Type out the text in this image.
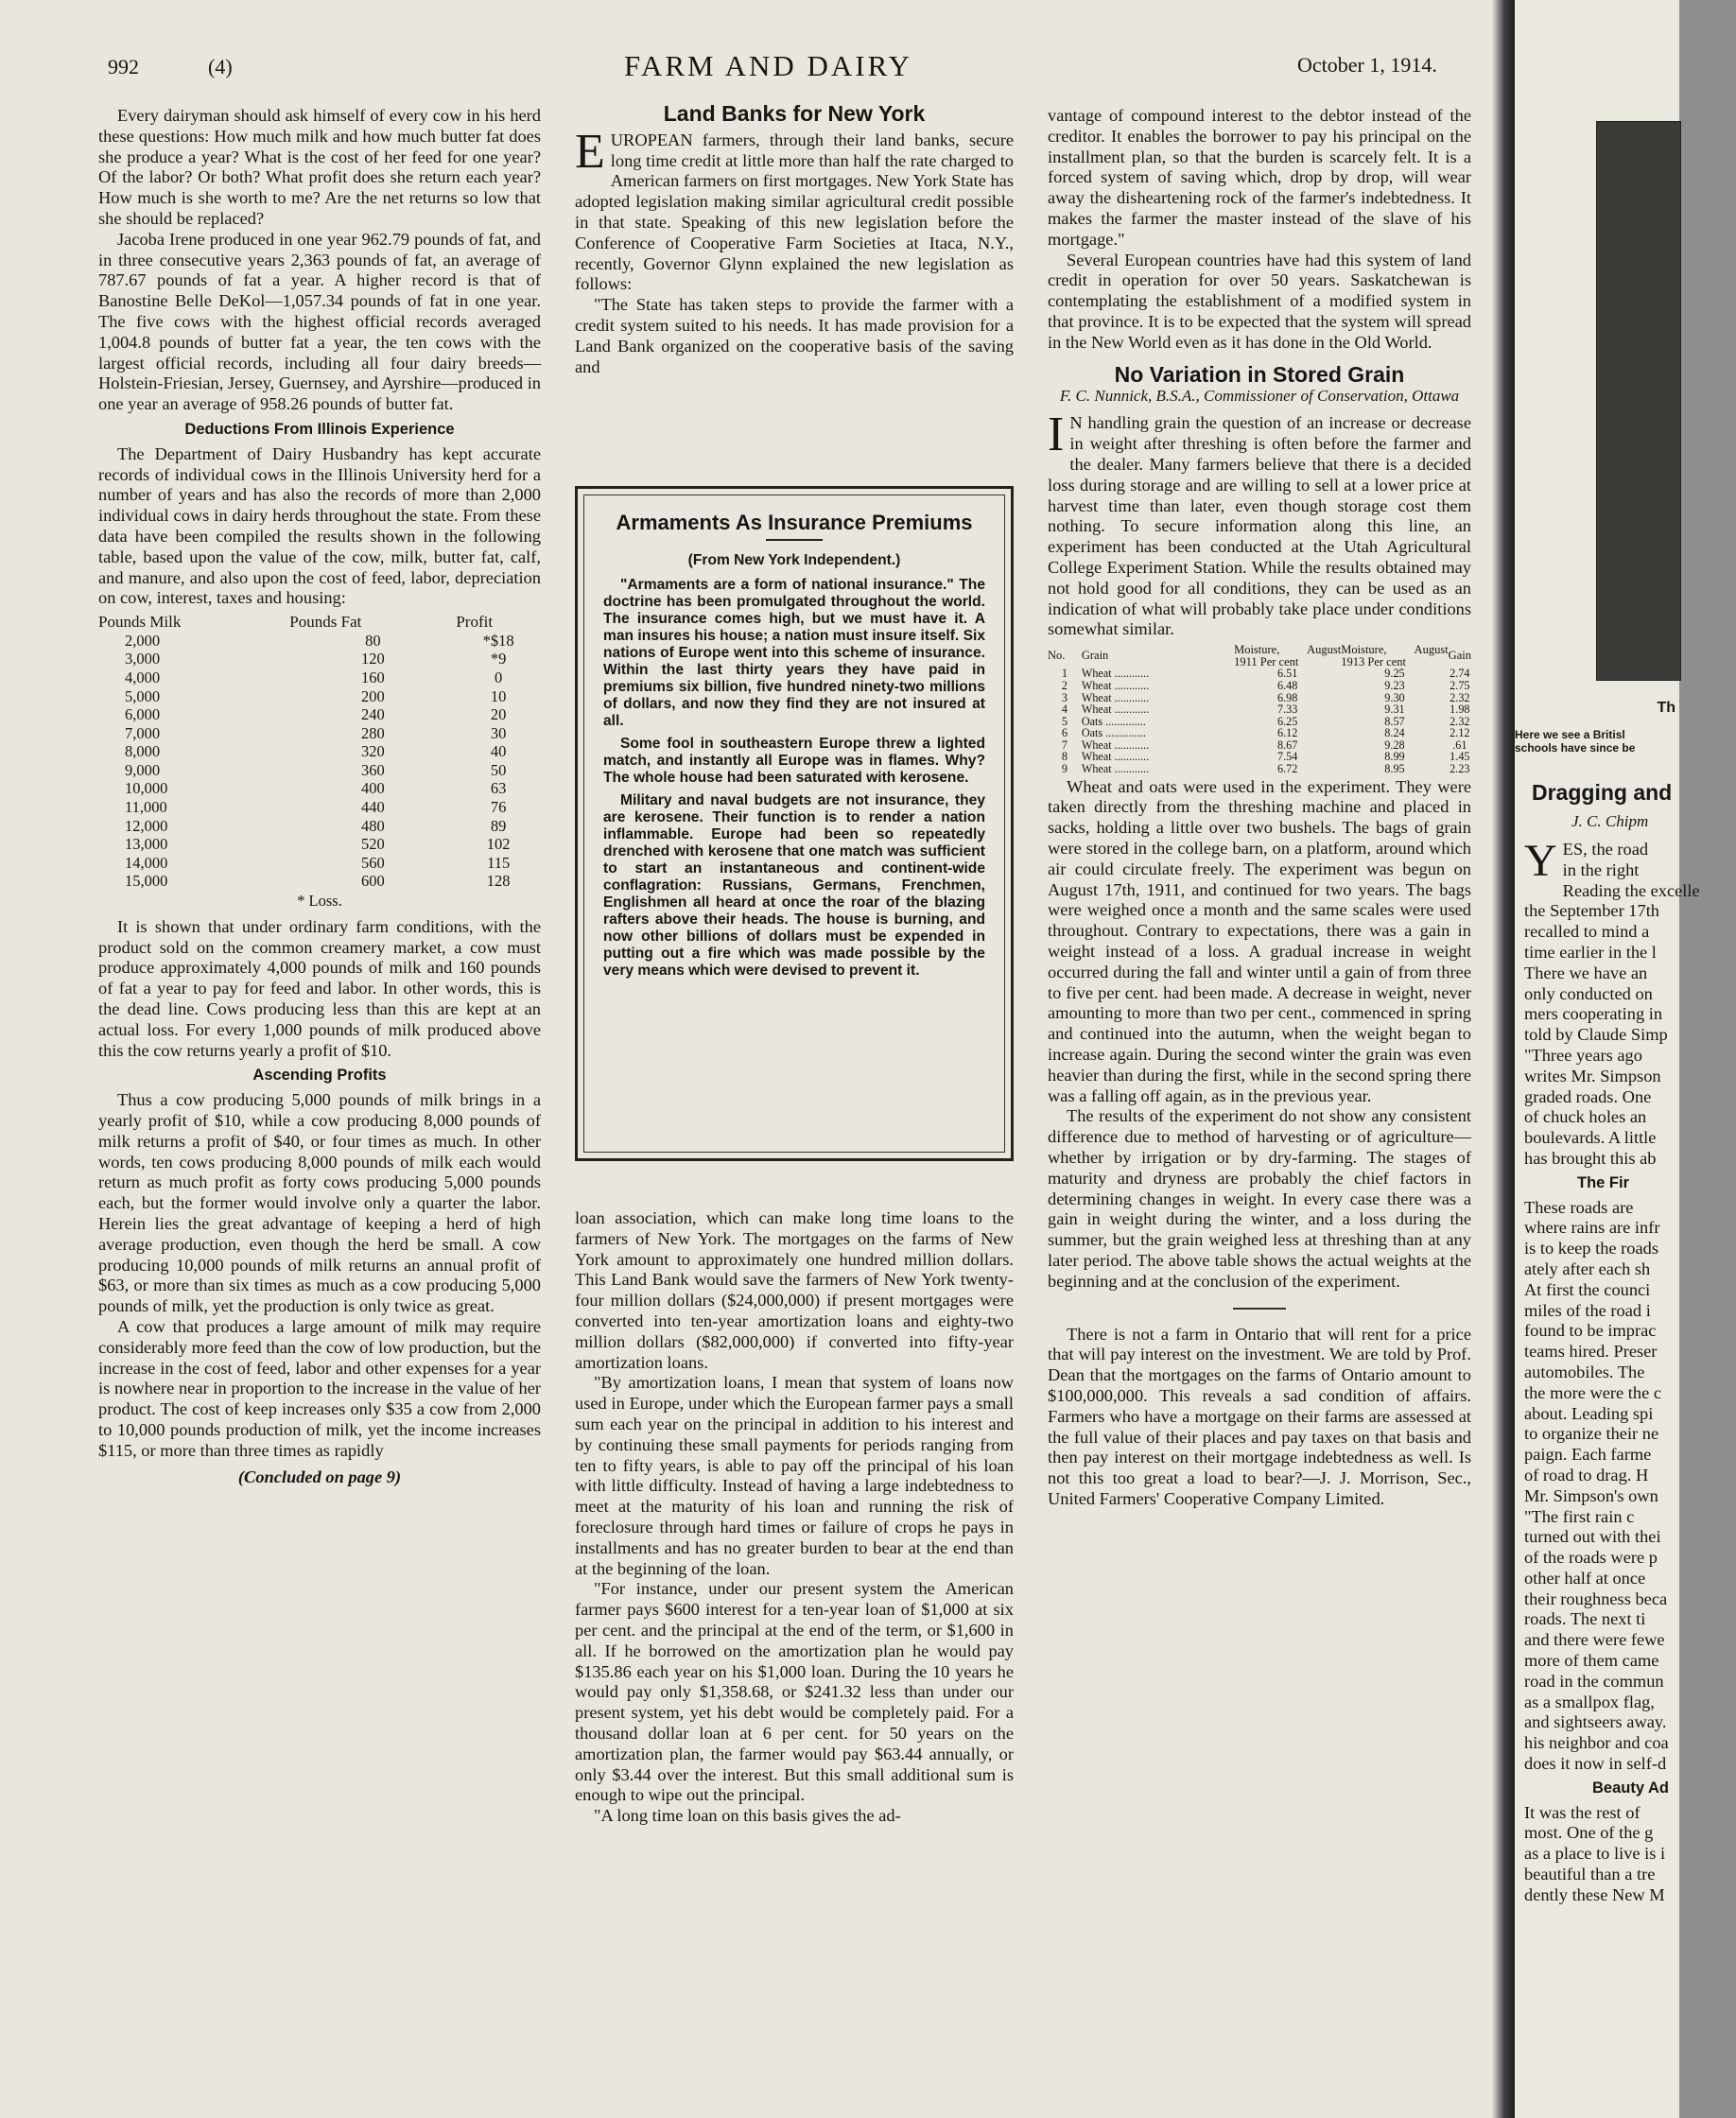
992	(4)	FARM AND DAIRY	October 1, 1914.

Every dairyman should ask himself of every cow in his herd these questions: How much milk and how much butter fat does she produce a year? What is the cost of her feed for one year? Of the labor? Or both? What profit does she return each year? How much is she worth to me? Are the net returns so low that she should be replaced?

Jacoba Irene produced in one year 962.79 pounds of fat, and in three consecutive years 2,363 pounds of fat, an average of 787.67 pounds of fat a year. A higher record is that of Banostine Belle DeKol—1,057.34 pounds of fat in one year. The five cows with the highest official records averaged 1,004.8 pounds of butter fat a year, the ten cows with the largest official records, including all four dairy breeds—Holstein-Friesian, Jersey, Guernsey, and Ayrshire—produced in one year an average of 958.26 pounds of butter fat.

Deductions From Illinois Experience

The Department of Dairy Husbandry has kept accurate records of individual cows in the Illinois University herd for a number of years and has also the records of more than 2,000 individual cows in dairy herds throughout the state. From these data have been compiled the results shown in the following table, based upon the value of the cow, milk, butter fat, calf, and manure, and also upon the cost of feed, labor, depreciation on cow, interest, taxes and housing:

Pounds Milk	Pounds Fat	Profit
2,000	80	*$18
3,000	120	*9
4,000	160	0
5,000	200	10
6,000	240	20
7,000	280	30
8,000	320	40
9,000	360	50
10,000	400	63
11,000	440	76
12,000	480	89
13,000	520	102
14,000	560	115
15,000	600	128
* Loss.

It is shown that under ordinary farm conditions, with the product sold on the common creamery market, a cow must produce approximately 4,000 pounds of milk and 160 pounds of fat a year to pay for feed and labor. In other words, this is the dead line. Cows producing less than this are kept at an actual loss. For every 1,000 pounds of milk produced above this the cow returns yearly a profit of $10.

Ascending Profits

Thus a cow producing 5,000 pounds of milk brings in a yearly profit of $10, while a cow producing 8,000 pounds of milk returns a profit of $40, or four times as much. In other words, ten cows producing 8,000 pounds of milk each would return as much profit as forty cows producing 5,000 pounds each, but the former would involve only a quarter the labor. Herein lies the great advantage of keeping a herd of high average production, even though the herd be small. A cow producing 10,000 pounds of milk returns an annual profit of $63, or more than six times as much as a cow producing 5,000 pounds of milk, yet the production is only twice as great.

A cow that produces a large amount of milk may require considerably more feed than the cow of low production, but the increase in the cost of feed, labor and other expenses for a year is nowhere near in proportion to the increase in the value of her product. The cost of keep increases only $35 a cow from 2,000 to 10,000 pounds production of milk, yet the income increases $115, or more than three times as rapidly

(Concluded on page 9)
Land Banks for New York

EUROPEAN farmers, through their land banks, secure long time credit at little more than half the rate charged to American farmers on first mortgages. New York State has adopted legislation making similar agricultural credit possible in that state. Speaking of this new legislation before the Conference of Cooperative Farm Societies at Itaca, N.Y., recently, Governor Glynn explained the new legislation as follows:

"The State has taken steps to provide the farmer with a credit system suited to his needs. It has made provision for a Land Bank organized on the cooperative basis of the saving and

Armaments As Insurance Premiums

(From New York Independent.)

"Armaments are a form of national insurance." The doctrine has been promulgated throughout the world. The insurance comes high, but we must have it. A man insures his house; a nation must insure itself. Six nations of Europe went into this scheme of insurance. Within the last thirty years they have paid in premiums six billion, five hundred ninety-two millions of dollars, and now they find they are not insured at all.

Some fool in southeastern Europe threw a lighted match, and instantly all Europe was in flames. Why? The whole house had been saturated with kerosene.

Military and naval budgets are not insurance, they are kerosene. Their function is to render a nation inflammable. Europe had been so repeatedly drenched with kerosene that one match was sufficient to start an instantaneous and continent-wide conflagration: Russians, Germans, Frenchmen, Englishmen all heard at once the roar of the blazing rafters above their heads. The house is burning, and now other billions of dollars must be expended in putting out a fire which was made possible by the very means which were devised to prevent it.

loan association, which can make long time loans to the farmers of New York. The mortgages on the farms of New York amount to approximately one hundred million dollars. This Land Bank would save the farmers of New York twenty-four million dollars ($24,000,000) if present mortgages were converted into ten-year amortization loans and eighty-two million dollars ($82,000,000) if converted into fifty-year amortization loans.

"By amortization loans, I mean that system of loans now used in Europe, under which the European farmer pays a small sum each year on the principal in addition to his interest and by continuing these small payments for periods ranging from ten to fifty years, is able to pay off the principal of his loan with little difficulty. Instead of having a large indebtedness to meet at the maturity of his loan and running the risk of foreclosure through hard times or failure of crops he pays in installments and has no greater burden to bear at the end than at the beginning of the loan.

"For instance, under our present system the American farmer pays $600 interest for a ten-year loan of $1,000 at six per cent. and the principal at the end of the term, or $1,600 in all. If he borrowed on the amortization plan he would pay $135.86 each year on his $1,000 loan. During the 10 years he would pay only $1,358.68, or $241.32 less than under our present system, yet his debt would be completely paid. For a thousand dollar loan at 6 per cent. for 50 years on the amortization plan, the farmer would pay $63.44 annually, or only $3.44 over the interest. But this small additional sum is enough to wipe out the principal.

"A long time loan on this basis gives the ad-

vantage of compound interest to the debtor instead of the creditor. It enables the borrower to pay his principal on the installment plan, so that the burden is scarcely felt. It is a forced system of saving which, drop by drop, will wear away the disheartening rock of the farmer's indebtedness. It makes the farmer the master instead of the slave of his mortgage."

Several European countries have had this system of land credit in operation for over 50 years. Saskatchewan is contemplating the establishment of a modified system in that province. It is to be expected that the system will spread in the New World even as it has done in the Old World.

No Variation in Stored Grain
F. C. Nunnick, B.S.A., Commissioner of Conservation, Ottawa

I N handling grain the question of an increase or decrease in weight after threshing is often before the farmer and the dealer. Many farmers believe that there is a decided loss during storage and are willing to sell at a lower price at harvest time than later, even though storage cost them nothing. To secure information along this line, an experiment has been conducted at the Utah Agricultural College Experiment Station. While the results obtained may not hold good for all conditions, they can be used as an indication of what will probably take place under conditions somewhat similar.

No.	Grain	Moisture, August 1911 Per cent	Moisture, August 1913 Per cent	Gain
1	Wheat ............	6.51	9.25	2.74
2	Wheat ............	6.48	9.23	2.75
3	Wheat ............	6.98	9.30	2.32
4	Wheat ............	7.33	9.31	1.98
5	Oats ..............	6.25	8.57	2.32
6	Oats ..............	6.12	8.24	2.12
7	Wheat ............	8.67	9.28	.61
8	Wheat ............	7.54	8.99	1.45
9	Wheat ............	6.72	8.95	2.23

Wheat and oats were used in the experiment. They were taken directly from the threshing machine and placed in sacks, holding a little over two bushels. The bags of grain were stored in the college barn, on a platform, around which air could circulate freely. The experiment was begun on August 17th, 1911, and continued for two years. The bags were weighed once a month and the same scales were used throughout. Contrary to expectations, there was a gain in weight instead of a loss. A gradual increase in weight occurred during the fall and winter until a gain of from three to five per cent. had been made. A decrease in weight, never amounting to more than two per cent., commenced in spring and continued into the autumn, when the weight began to increase again. During the second winter the grain was even heavier than during the first, while in the second spring there was a falling off again, as in the previous year.

The results of the experiment do not show any consistent difference due to method of harvesting or of agriculture—whether by irrigation or by dry-farming. The stages of maturity and dryness are probably the chief factors in determining changes in weight. In every case there was a gain in weight during the winter, and a loss during the summer, but the grain weighed less at threshing than at any later period. The above table shows the actual weights at the beginning and at the conclusion of the experiment.

There is not a farm in Ontario that will rent for a price that will pay interest on the investment. We are told by Prof. Dean that the mortgages on the farms of Ontario amount to $100,000,000. This reveals a sad condition of affairs. Farmers who have a mortgage on their farms are assessed at the full value of their places and pay taxes on that basis and then pay interest on their mortgage indebtedness as well. Is not this too great a load to bear?—J. J. Morrison, Sec., United Farmers' Cooperative Company Limited.

Th
Here we see a Britisl
schools have since be
Dragging and
J. C. Chipm
Y ES, the road
in the right
Reading the excelle
the September 17th
recalled to mind a
time earlier in the l
There we have an
only conducted on
mers cooperating in
told by Claude Simp
"Three years ago
writes Mr. Simpson
graded roads. One
of chuck holes an
boulevards. A little
has brought this ab
The Fir
These roads are
where rains are infr
is to keep the roads
ately after each sh
At first the counci
miles of the road i
found to be imprac
teams hired. Preser
automobiles. The
the more were the c
about. Leading spi
to organize their ne
paign. Each farme
of road to drag. H
Mr. Simpson's own
"The first rain c
turned out with thei
of the roads were p
other half at once
their roughness beca
roads. The next ti
and there were fewe
more of them came
road in the commun
as a smallpox flag,
and sightseers away.
his neighbor and coa
does it now in self-d
Beauty Ad
It was the rest of
most. One of the g
as a place to live is i
beautiful than a tre
dently these New M
